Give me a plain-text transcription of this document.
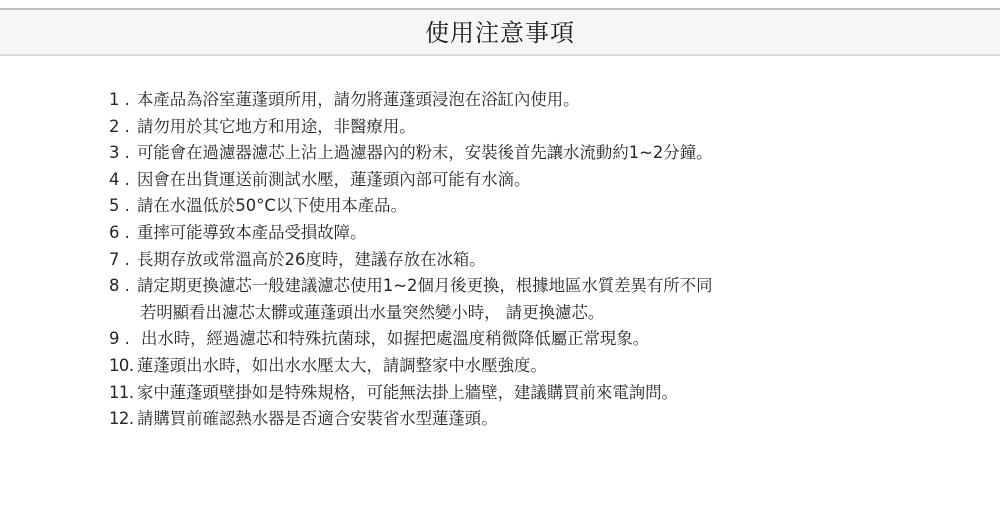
使用注意事項
1 . 本產品為浴室蓮蓬頭所用，請勿將蓮蓬頭浸泡在浴缸內使用。
2 . 請勿用於其它地方和用途，非醫療用。
3 . 可能會在過濾器濾芯上沾上過濾器內的粉末，安裝後首先讓水流動約1~2分鐘。
4 . 因會在出貨運送前測試水壓，蓮蓬頭內部可能有水滴。
5 . 請在水溫低於50°C以下使用本產品。
6 . 重摔可能導致本產品受損故障。
7 . 長期存放或常溫高於26度時，建議存放在冰箱。
8 . 請定期更換濾芯一般建議濾芯使用1~2個月後更換，根據地區水質差異有所不同
若明顯看出濾芯太髒或蓮蓬頭出水量突然變小時， 請更換濾芯。
9 . 出水時，經過濾芯和特殊抗菌球，如握把處溫度稍微降低屬正常現象。
10. 蓮蓬頭出水時，如出水水壓太大，請調整家中水壓強度。
11. 家中蓮蓬頭壁掛如是特殊規格，可能無法掛上牆壁，建議購買前來電詢問。
12. 請購買前確認熱水器是否適合安裝省水型蓮蓬頭。
